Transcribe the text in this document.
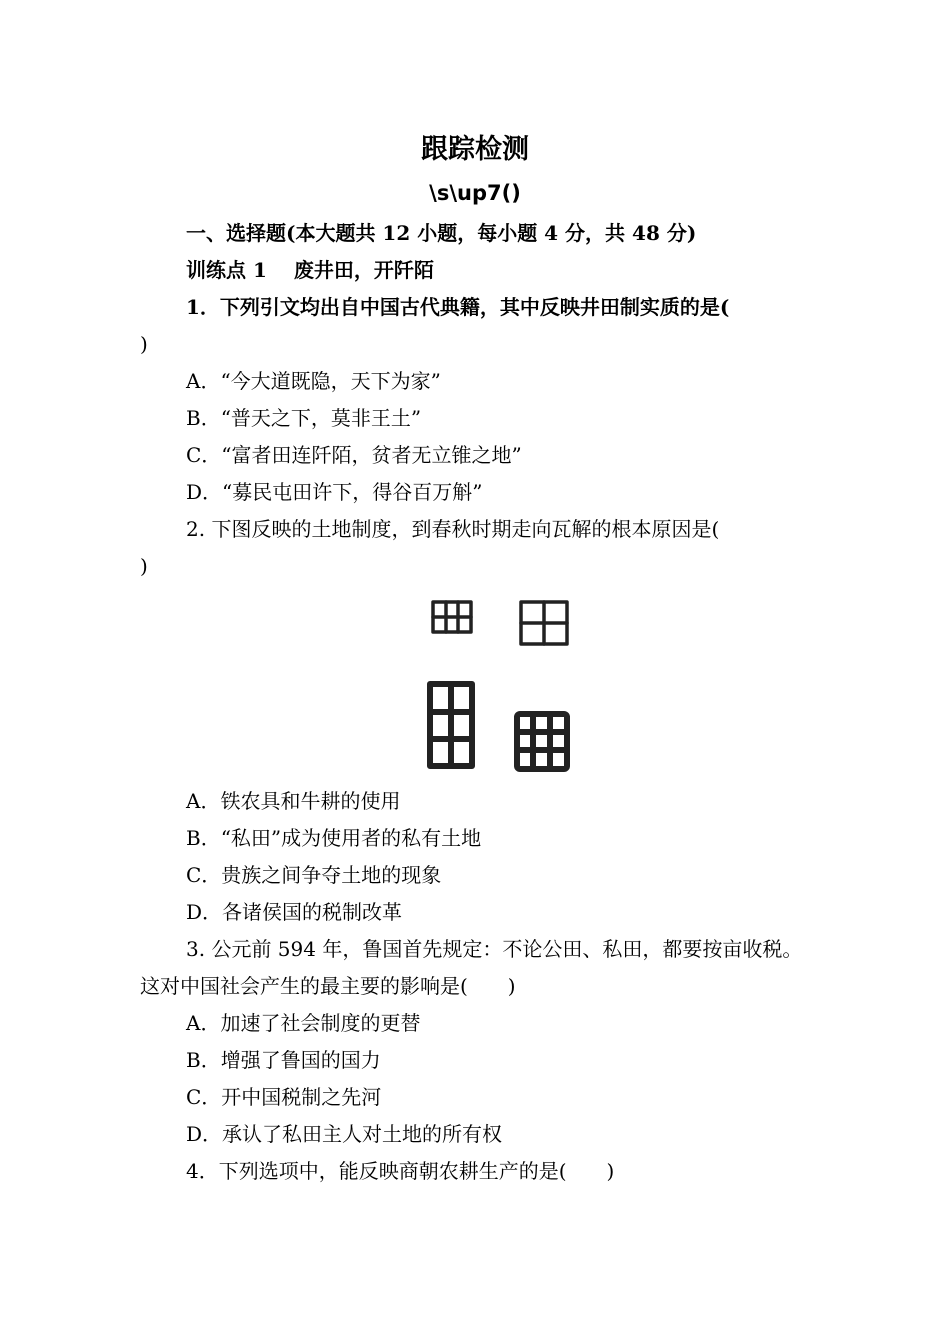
跟踪检测
\s\up7()
一、选择题(本大题共 12 小题，每小题 4 分，共 48 分)
训练点 1　 废井田，开阡陌
1．下列引文均出自中国古代典籍，其中反映井田制实质的是(
)
A．“今大道既隐，天下为家”
B．“普天之下，莫非王土”
C．“富者田连阡陌，贫者无立锥之地”
D．“募民屯田许下，得谷百万斛”
2. 下图反映的土地制度，到春秋时期走向瓦解的根本原因是(
)
A．铁农具和牛耕的使用
B．“私田”成为使用者的私有土地
C．贵族之间争夺土地的现象
D．各诸侯国的税制改革
3. 公元前 594 年，鲁国首先规定：不论公田、私田，都要按亩收税。
这对中国社会产生的最主要的影响是(　　)
A．加速了社会制度的更替
B．增强了鲁国的国力
C．开中国税制之先河
D．承认了私田主人对土地的所有权
4．下列选项中，能反映商朝农耕生产的是(　　)
